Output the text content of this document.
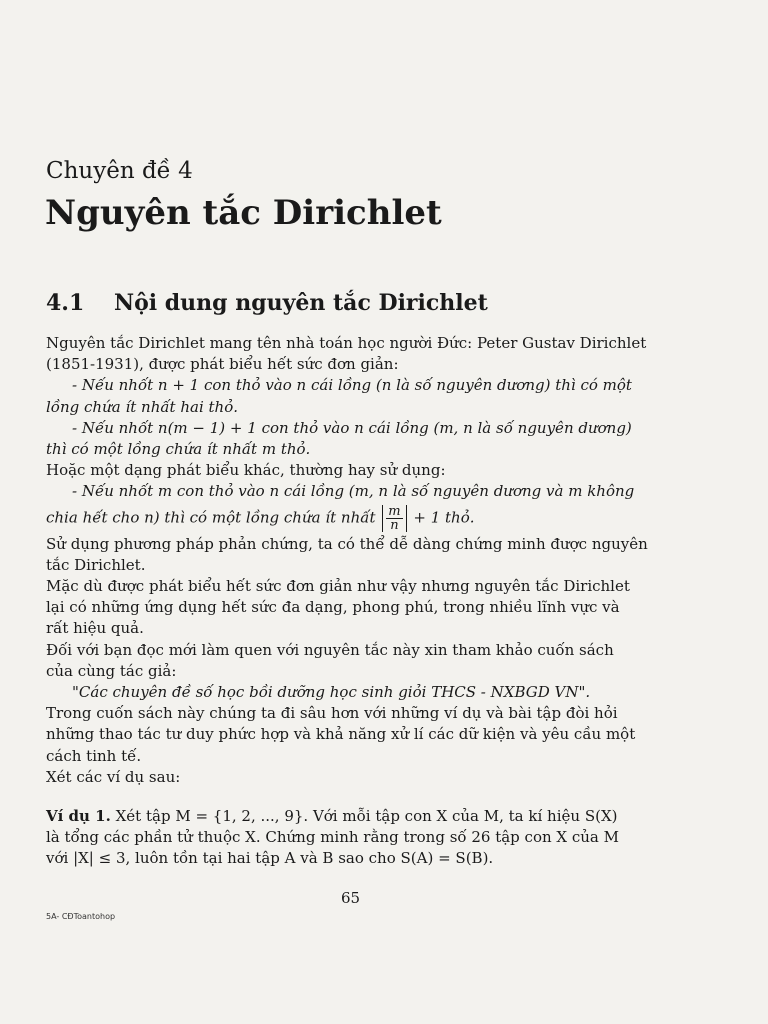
Chuyên đề 4
Nguyên tắc Dirichlet
4.1 Nội dung nguyên tắc Dirichlet

Nguyên tắc Dirichlet mang tên nhà toán học người Đức: Peter Gustav Dirichlet

(1851-1931), được phát biểu hết sức đơn giản:

- Nếu nhốt n + 1 con thỏ vào n cái lồng (n là số nguyên dương) thì có một

lồng chứa ít nhất hai thỏ.

- Nếu nhốt n(m − 1) + 1 con thỏ vào n cái lồng (m, n là số nguyên dương)

thì có một lồng chứa ít nhất m thỏ.

Hoặc một dạng phát biểu khác, thường hay sử dụng:

- Nếu nhốt m con thỏ vào n cái lồng (m, n là số nguyên dương và m không

chia hết cho n) thì có một lồng chứa ít nhất $\frac{m}{n} + 1$ thỏ.

Sử dụng phương pháp phản chứng, ta có thể dễ dàng chứng minh được nguyên

tắc Dirichlet.

Mặc dù được phát biểu hết sức đơn giản như vậy nhưng nguyên tắc Dirichlet

lại có những ứng dụng hết sức đa dạng, phong phú, trong nhiều lĩnh vực và

rất hiệu quả.

Đối với bạn đọc mới làm quen với nguyên tắc này xin tham khảo cuốn sách

của cùng tác giả:

"Các chuyên đề số học bồi dưỡng học sinh giỏi THCS - NXBGD VN".

Trong cuốn sách này chúng ta đi sâu hơn với những ví dụ và bài tập đòi hỏi

những thao tác tư duy phức hợp và khả năng xử lí các dữ kiện và yêu cầu một

cách tinh tế.

Xét các ví dụ sau:

Ví dụ 1. Xét tập M = {1, 2, ..., 9}. Với mỗi tập con X của M, ta kí hiệu S(X)

là tổng các phần tử thuộc X. Chứng minh rằng trong số 26 tập con X của M

với |X| ≤ 3, luôn tồn tại hai tập A và B sao cho S(A) = S(B).

65
5A- CĐToantohop
